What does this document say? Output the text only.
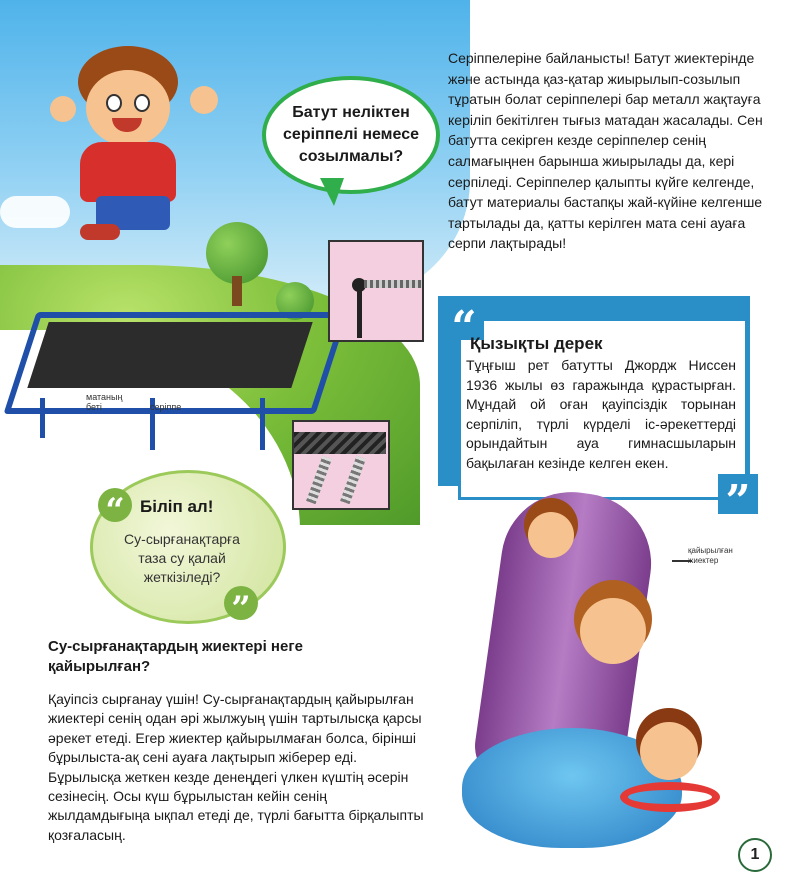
Батут неліктен серіппелі немесе созылмалы?
Серіппелеріне байланысты! Батут жиектерінде және астында қаз-қатар жиырылып-созылып тұратын болат серіппелері бар металл жақтауға керіліп бекітілген тығыз матадан жасалады. Сен батутта секірген кезде серіппелер сенің салмағыңнен барынша жиырылады да, кері серпіледі. Серіппелер қалыпты күйге келгенде, батут материалы бастапқы жай-күйіне келгенше тартылады да, қатты керілген мата сені ауаға серпи лақтырады!
матаның беті	серіппе
“
”
Қызықты дерек
Тұңғыш рет батутты Джордж Ниссен 1936 жылы өз гаражында құрастырған. Мұндай ой оған қауіпсіздік торынан серпіліп, түрлі күрделі іс-әрекеттерді орындайтын ауа гимнасшыларын бақылаған кезінде келген екен.
“
”
Біліп ал!
Су-сырғанақтарға таза су қалай жеткізіледі?
Су-сырғанақтардың жиектері неге қайырылған?
Қауіпсіз сырғанау үшін! Су-сырғанақтардың қайырылған жиектері сенің одан әрі жылжуың үшін тартылысқа қарсы әрекет етеді. Егер жиектер қайырылмаған болса, бірінші бұрылыста-ақ сені ауаға лақтырып жіберер еді. Бұрылысқа жеткен кезде денеңдегі үлкен күштің әсерін сезінесің. Осы күш бұрылыстан кейін сенің жылдамдығыңа ықпал етеді де, түрлі бағытта бірқалыпты қозғаласың.
қайырылған жиектер
1
